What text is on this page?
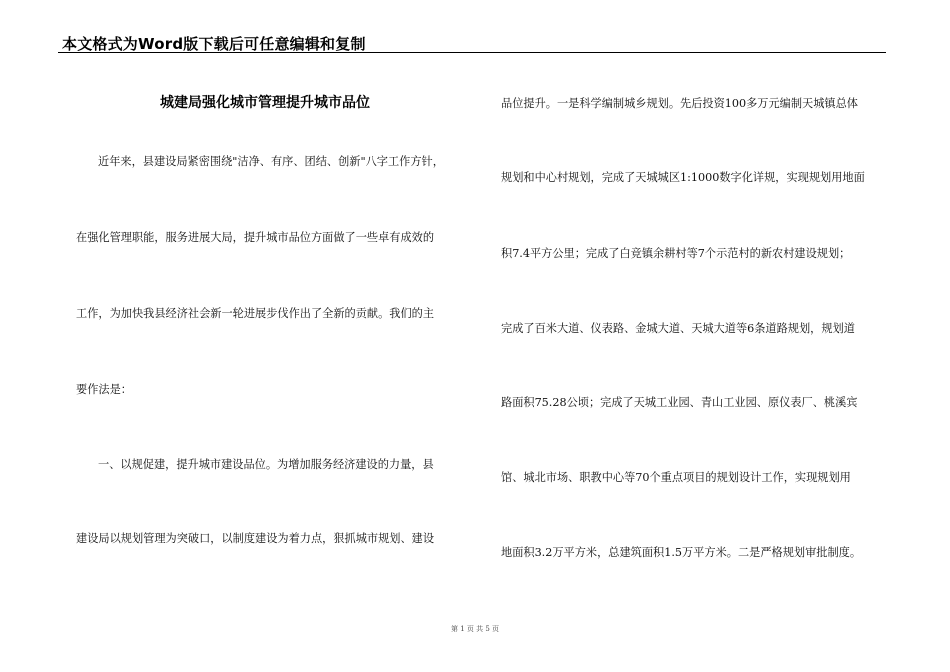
本文格式为Word版下载后可任意编辑和复制
城建局强化城市管理提升城市品位
近年来，县建设局紧密围绕"洁净、有序、团结、创新"八字工作方针，
在强化管理职能，服务进展大局，提升城市品位方面做了一些卓有成效的
工作，为加快我县经济社会新一轮进展步伐作出了全新的贡献。我们的主
要作法是：
一、以规促建，提升城市建设品位。为增加服务经济建设的力量，县
建设局以规划管理为突破口，以制度建设为着力点，狠抓城市规划、建设
品位提升。一是科学编制城乡规划。先后投资100多万元编制天城镇总体
规划和中心村规划，完成了天城城区1:1000数字化详规，实现规划用地面
积7.4平方公里；完成了白竞镇余耕村等7个示范村的新农村建设规划；
完成了百米大道、仪表路、金城大道、天城大道等6条道路规划，规划道
路面积75.28公顷；完成了天城工业园、青山工业园、原仪表厂、桃溪宾
馆、城北市场、职教中心等70个重点项目的规划设计工作，实现规划用
地面积3.2万平方米，总建筑面积1.5万平方米。二是严格规划审批制度。
第 1 页 共 5 页
